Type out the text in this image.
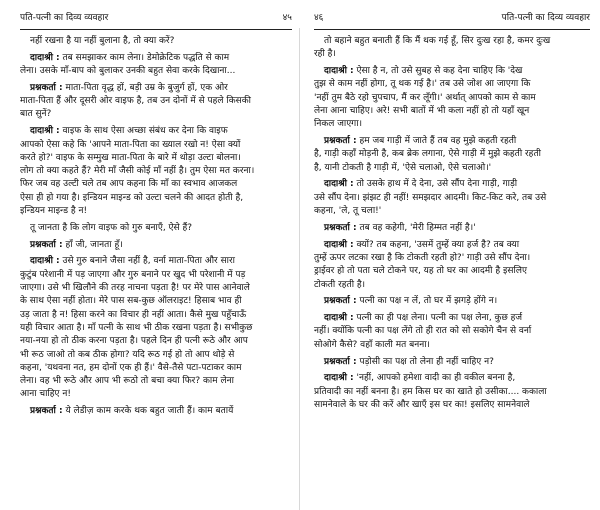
पति-पत्नी का दिव्य व्यवहार	४५
नहीं रखना है या नहीं बुलाना है, तो क्या करें?
दादाश्री : तब समझाकर काम लेना। डेमोक्रेटिक पद्धति से काम
लेना। उसके माँ-बाप को बुलाकर उनकी बहुत सेवा करके दिखाना...
प्रश्नकर्ता : माता-पिता वृद्ध हों, बड़ी उम्र के बुजुर्ग हों, एक ओर
माता-पिता हैं और दूसरी ओर वाइफ है, तब उन दोनों में से पहले किसकी
बात सुनें?
दादाश्री : वाइफ के साथ ऐसा अच्छा संबंध कर देना कि वाइफ
आपको ऐसा कहे कि 'आपने माता-पिता का ख्याल रखो न! ऐसा क्यों
करते हो?' वाइफ के सम्मुख माता-पिता के बारे में थोड़ा उल्टा बोलना।
लोग तो क्या कहते हैं? मेरी माँ जैसी कोई माँ नहीं है। तुम ऐसा मत करना।
फिर जब वह उल्टी चले तब आप कहना कि माँ का स्वभाव आजकल
ऐसा ही हो गया है। इन्डियन माइन्ड को उल्टा चलने की आदत होती है,
इन्डियन माइन्ड है न!
तू जानता है कि लोग वाइफ को गुरु बनाएँ, ऐसे हैं?
प्रश्नकर्ता : हाँ जी, जानता हूँ।
दादाश्री : उसे गुरु बनाने जैसा नहीं है, वर्ना माता-पिता और सारा
कुटुंब परेशानी में पड़ जाएगा और गुरु बनाने पर खुद भी परेशानी में पड़
जाएगा। उसे भी खिलौने की तरह नाचना पड़ता है! पर मेरे पास आनेवाले
के साथ ऐसा नहीं होता। मेरे पास सब-कुछ ऑलराइट! हिसाब भाव ही
उड़ जाता है न! हिसा करने का विचार ही नहीं आता। कैसे मुख पहुँचाऊँ
यही विचार आता है। माँ पत्नी के साथ भी ठीक रखना पड़ता है। सभीकुछ
नया-नया हो तो ठीक करना पड़ता है। पहले दिन ही पत्नी रूठे और आप
भी रूठ जाओ तो कब ठीक होगा? यदि रूठ गई हो तो आप थोड़े से
कहना, 'यथवना नत, हम दोनों एक ही हैं।' वैसे-तैसे पटा-पटाकर काम
लेना। वह भी रूठे और आप भी रूठो तो बचा क्या फिर? काम लेना
आना चाहिए न!
प्रश्नकर्ता : ये लेडीज़ काम करके थक बहुत जाती हैं। काम बतायें
४६	पति-पत्नी का दिव्य व्यवहार
तो बहाने बहुत बनाती हैं कि मैं थक गई हूँ, सिर दुःख रहा है, कमर दुःख
रही है।
दादाश्री : ऐसा है न, तो उसे सुबह से कह देना चाहिए कि 'देख
तुझ से काम नहीं होगा, तू थक गई है।' तब उसे जोश आ जाएगा कि
'नहीं तुम बैठे रहो चुपचाप, मैं कर लूँगी।' अर्थात् आपको काम से काम
लेना आना चाहिए। अरे! सभी बातों में भी कला नहीं हो तो यहाँ खून
निकल जाएगा।
प्रश्नकर्ता : हम जब गाड़ी में जाते हैं तब वह मुझे कहती रहती
है, गाड़ी कहाँ मोड़नी है, कब ब्रेक लगाना, ऐसे गाड़ी में मुझे कहती रहती
है, यानी टोकती है गाड़ी में, 'ऐसे चलाओ, ऐसे चलाओ।'
दादाश्री : तो उसके हाथ में दे देना, उसे सौंप देना गाड़ी, गाड़ी
उसे सौंप देना। झंझट ही नहीं! समझदार आदमी। किट-किट करे, तब उसे
कहना, 'ले, तू चला!'
प्रश्नकर्ता : तब वह कहेगी, 'मेरी हिम्मत नहीं है।'
दादाश्री : क्यों? तब कहना, 'उसमें तुम्हें क्या हर्ज है? तब क्या
तुम्हें ऊपर लटका रखा है कि टोकती रहती हो?' गाड़ी उसे सौंप देना।
ड्राईवर हो तो पता चले टोकने पर, यह तो घर का आदमी है इसलिए
टोकती रहती है।
प्रश्नकर्ता : पत्नी का पक्ष न लें, तो घर में झगड़े होंगे न।
दादाश्री : पत्नी का ही पक्ष लेना। पत्नी का पक्ष लेना, कुछ हर्ज
नहीं। क्योंकि पत्नी का पक्ष लेंगे तो ही रात को सो सकोगे चैन से वर्ना
सोओगे कैसे? वहाँ काली मत बनना।
प्रश्नकर्ता : पड़ोसी का पक्ष तो लेना ही नहीं चाहिए न?
दादाश्री : 'नहीं, आपको हमेशा वादी का ही वकील बनना है,
प्रतिवादी का नहीं बनना है। हम किस घर का खाते हो उसीका.... ककाला
सामनेवाले के घर की करें और खाएँ इस घर का! इसलिए सामनेवाले
